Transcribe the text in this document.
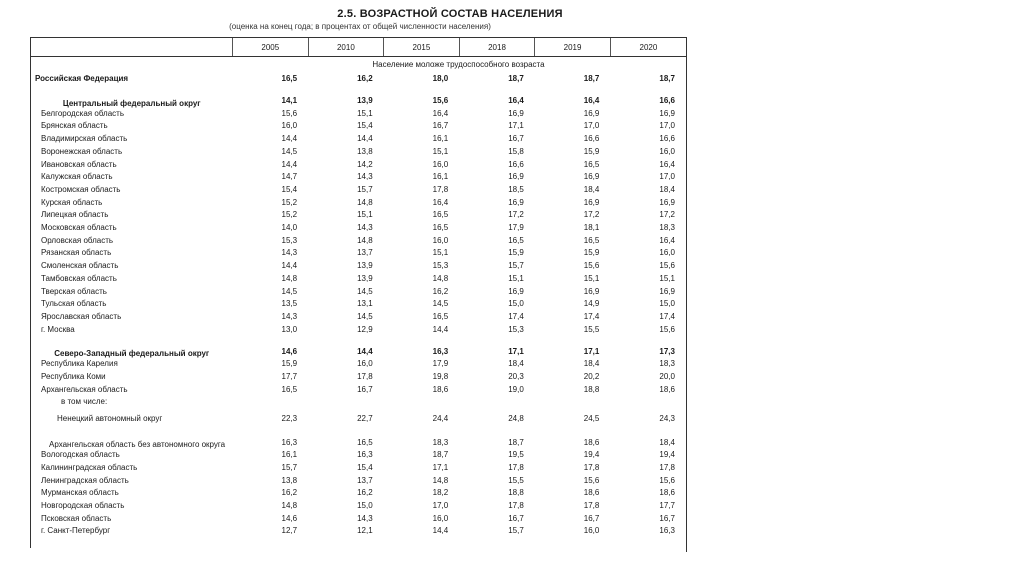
2.5. ВОЗРАСТНОЙ СОСТАВ НАСЕЛЕНИЯ
(оценка на конец года; в процентах от общей численности населения)
	2005	2010	2015	2018	2019	2020
Население моложе трудоспособного возраста						
Российская Федерация	16,5	16,2	18,0	18,7	18,7	18,7
Центральный федеральный округ	14,1	13,9	15,6	16,4	16,4	16,6
Белгородская область	15,6	15,1	16,4	16,9	16,9	16,9
Брянская область	16,0	15,4	16,7	17,1	17,0	17,0
Владимирская область	14,4	14,4	16,1	16,7	16,6	16,6
Воронежская область	14,5	13,8	15,1	15,8	15,9	16,0
Ивановская область	14,4	14,2	16,0	16,6	16,5	16,4
Калужская область	14,7	14,3	16,1	16,9	16,9	17,0
Костромская область	15,4	15,7	17,8	18,5	18,4	18,4
Курская область	15,2	14,8	16,4	16,9	16,9	16,9
Липецкая область	15,2	15,1	16,5	17,2	17,2	17,2
Московская область	14,0	14,3	16,5	17,9	18,1	18,3
Орловская область	15,3	14,8	16,0	16,5	16,5	16,4
Рязанская область	14,3	13,7	15,1	15,9	15,9	16,0
Смоленская область	14,4	13,9	15,3	15,7	15,6	15,6
Тамбовская область	14,8	13,9	14,8	15,1	15,1	15,1
Тверская область	14,5	14,5	16,2	16,9	16,9	16,9
Тульская область	13,5	13,1	14,5	15,0	14,9	15,0
Ярославская область	14,3	14,5	16,5	17,4	17,4	17,4
г. Москва	13,0	12,9	14,4	15,3	15,5	15,6
Северо-Западный федеральный округ	14,6	14,4	16,3	17,1	17,1	17,3
Республика Карелия	15,9	16,0	17,9	18,4	18,4	18,3
Республика Коми	17,7	17,8	19,8	20,3	20,2	20,0
Архангельская область	16,5	16,7	18,6	19,0	18,8	18,6
в том числе:						
Ненецкий автономный округ	22,3	22,7	24,4	24,8	24,5	24,3
Архангельская область без автономного округа	16,3	16,5	18,3	18,7	18,6	18,4
Вологодская область	16,1	16,3	18,7	19,5	19,4	19,4
Калининградская область	15,7	15,4	17,1	17,8	17,8	17,8
Ленинградская область	13,8	13,7	14,8	15,5	15,6	15,6
Мурманская область	16,2	16,2	18,2	18,8	18,6	18,6
Новгородская область	14,8	15,0	17,0	17,8	17,8	17,7
Псковская область	14,6	14,3	16,0	16,7	16,7	16,7
г. Санкт-Петербург	12,7	12,1	14,4	15,7	16,0	16,3
